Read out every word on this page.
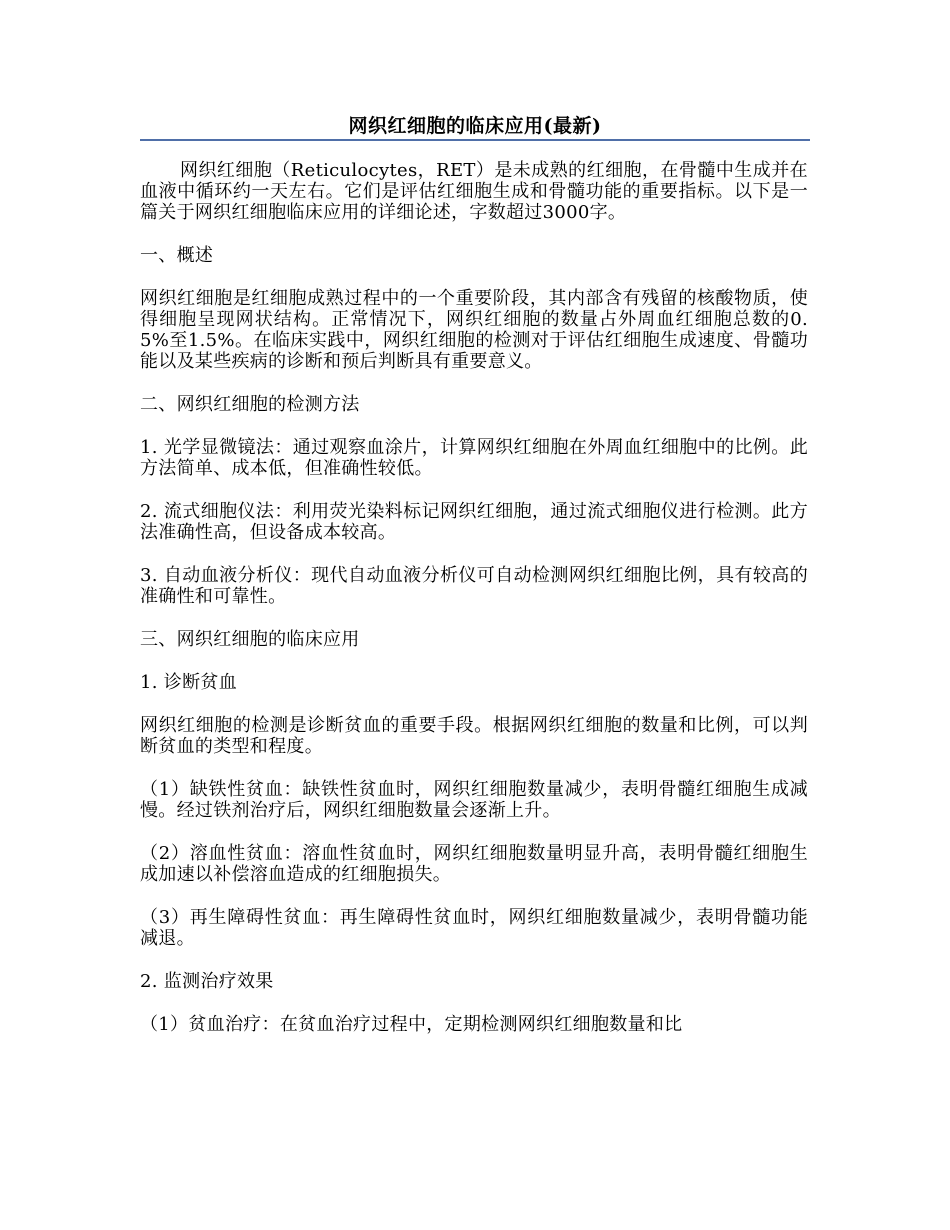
网织红细胞的临床应用(最新)

网织红细胞（Reticulocytes，RET）是未成熟的红细胞，在骨髓中生成并在血液中循环约一天左右。它们是评估红细胞生成和骨髓功能的重要指标。以下是一篇关于网织红细胞临床应用的详细论述，字数超过3000字。

一、概述

网织红细胞是红细胞成熟过程中的一个重要阶段，其内部含有残留的核酸物质，使得细胞呈现网状结构。正常情况下，网织红细胞的数量占外周血红细胞总数的0.5%至1.5%。在临床实践中，网织红细胞的检测对于评估红细胞生成速度、骨髓功能以及某些疾病的诊断和预后判断具有重要意义。

二、网织红细胞的检测方法

1. 光学显微镜法：通过观察血涂片，计算网织红细胞在外周血红细胞中的比例。此方法简单、成本低，但准确性较低。

2. 流式细胞仪法：利用荧光染料标记网织红细胞，通过流式细胞仪进行检测。此方法准确性高，但设备成本较高。

3. 自动血液分析仪：现代自动血液分析仪可自动检测网织红细胞比例，具有较高的准确性和可靠性。

三、网织红细胞的临床应用

1. 诊断贫血

网织红细胞的检测是诊断贫血的重要手段。根据网织红细胞的数量和比例，可以判断贫血的类型和程度。

（1）缺铁性贫血：缺铁性贫血时，网织红细胞数量减少，表明骨髓红细胞生成减慢。经过铁剂治疗后，网织红细胞数量会逐渐上升。

（2）溶血性贫血：溶血性贫血时，网织红细胞数量明显升高，表明骨髓红细胞生成加速以补偿溶血造成的红细胞损失。

（3）再生障碍性贫血：再生障碍性贫血时，网织红细胞数量减少，表明骨髓功能减退。

2. 监测治疗效果

（1）贫血治疗：在贫血治疗过程中，定期检测网织红细胞数量和比
